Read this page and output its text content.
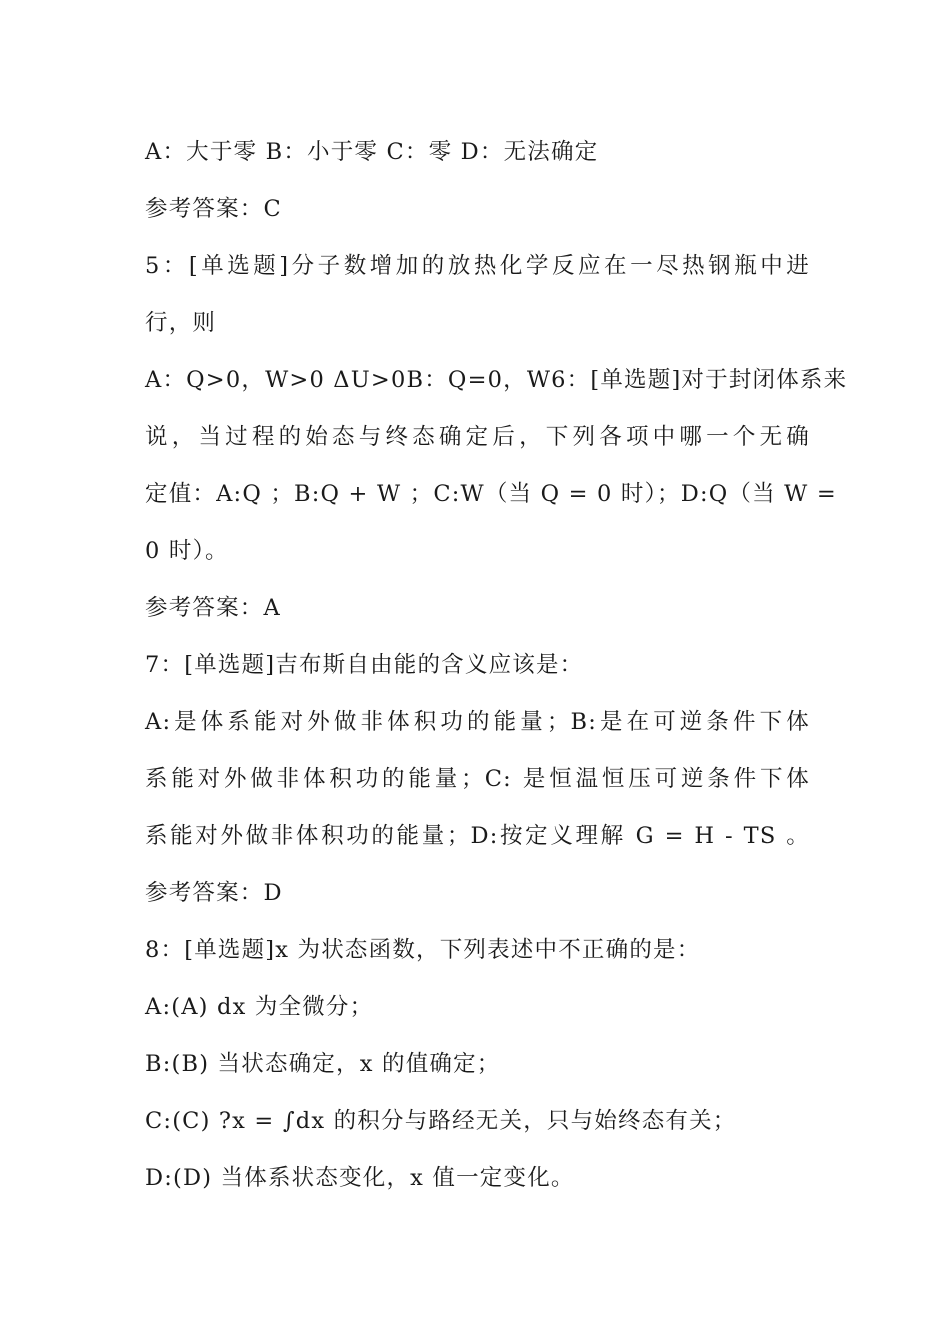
A：大于零 B：小于零 C：零 D：无法确定
参考答案：C
5：[单选题]分子数增加的放热化学反应在一尽热钢瓶中进
行，则
A：Q>0，W>0 ΔU>0B：Q=0，W6：[单选题]对于封闭体系来
说，当过程的始态与终态确定后，下列各项中哪一个无确
定值：A:Q ；B:Q + W ；C:W（当 Q = 0 时）；D:Q（当 W =
0 时）。
参考答案：A
7：[单选题]吉布斯自由能的含义应该是：
A:是体系能对外做非体积功的能量；B:是在可逆条件下体
系能对外做非体积功的能量；C: 是恒温恒压可逆条件下体
系能对外做非体积功的能量；D:按定义理解 G = H - TS 。
参考答案：D
8：[单选题]x 为状态函数，下列表述中不正确的是：
A:(A) dx 为全微分；
B:(B) 当状态确定，x 的值确定；
C:(C) ?x = ∫dx 的积分与路经无关，只与始终态有关；
D:(D) 当体系状态变化，x 值一定变化。
